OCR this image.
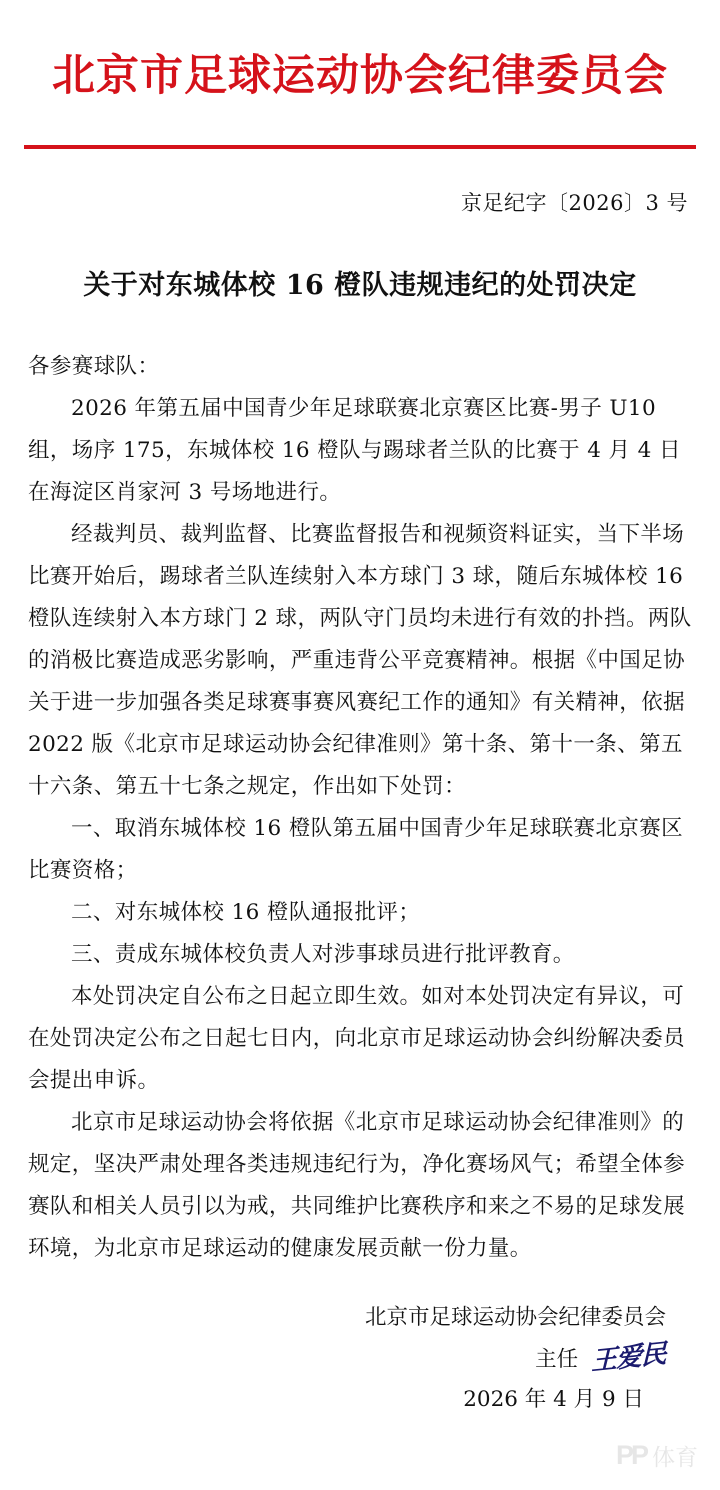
北京市足球运动协会纪律委员会
京足纪字〔2026〕3 号
关于对东城体校 16 橙队违规违纪的处罚决定

各参赛球队：

2026 年第五届中国青少年足球联赛北京赛区比赛‑男子 U10 组，场序 175，东城体校 16 橙队与踢球者兰队的比赛于 4 月 4 日在海淀区肖家河 3 号场地进行。

经裁判员、裁判监督、比赛监督报告和视频资料证实，当下半场比赛开始后，踢球者兰队连续射入本方球门 3 球，随后东城体校 16 橙队连续射入本方球门 2 球，两队守门员均未进行有效的扑挡。两队的消极比赛造成恶劣影响，严重违背公平竞赛精神。根据《中国足协关于进一步加强各类足球赛事赛风赛纪工作的通知》有关精神，依据 2022 版《北京市足球运动协会纪律准则》第十条、第十一条、第五十六条、第五十七条之规定，作出如下处罚：

一、取消东城体校 16 橙队第五届中国青少年足球联赛北京赛区比赛资格；

二、对东城体校 16 橙队通报批评；

三、责成东城体校负责人对涉事球员进行批评教育。

本处罚决定自公布之日起立即生效。如对本处罚决定有异议，可在处罚决定公布之日起七日内，向北京市足球运动协会纠纷解决委员会提出申诉。

北京市足球运动协会将依据《北京市足球运动协会纪律准则》的规定，坚决严肃处理各类违规违纪行为，净化赛场风气；希望全体参赛队和相关人员引以为戒，共同维护比赛秩序和来之不易的足球发展环境，为北京市足球运动的健康发展贡献一份力量。

北京市足球运动协会纪律委员会
主任 王爱民
2026 年 4 月 9 日
PP 体育
